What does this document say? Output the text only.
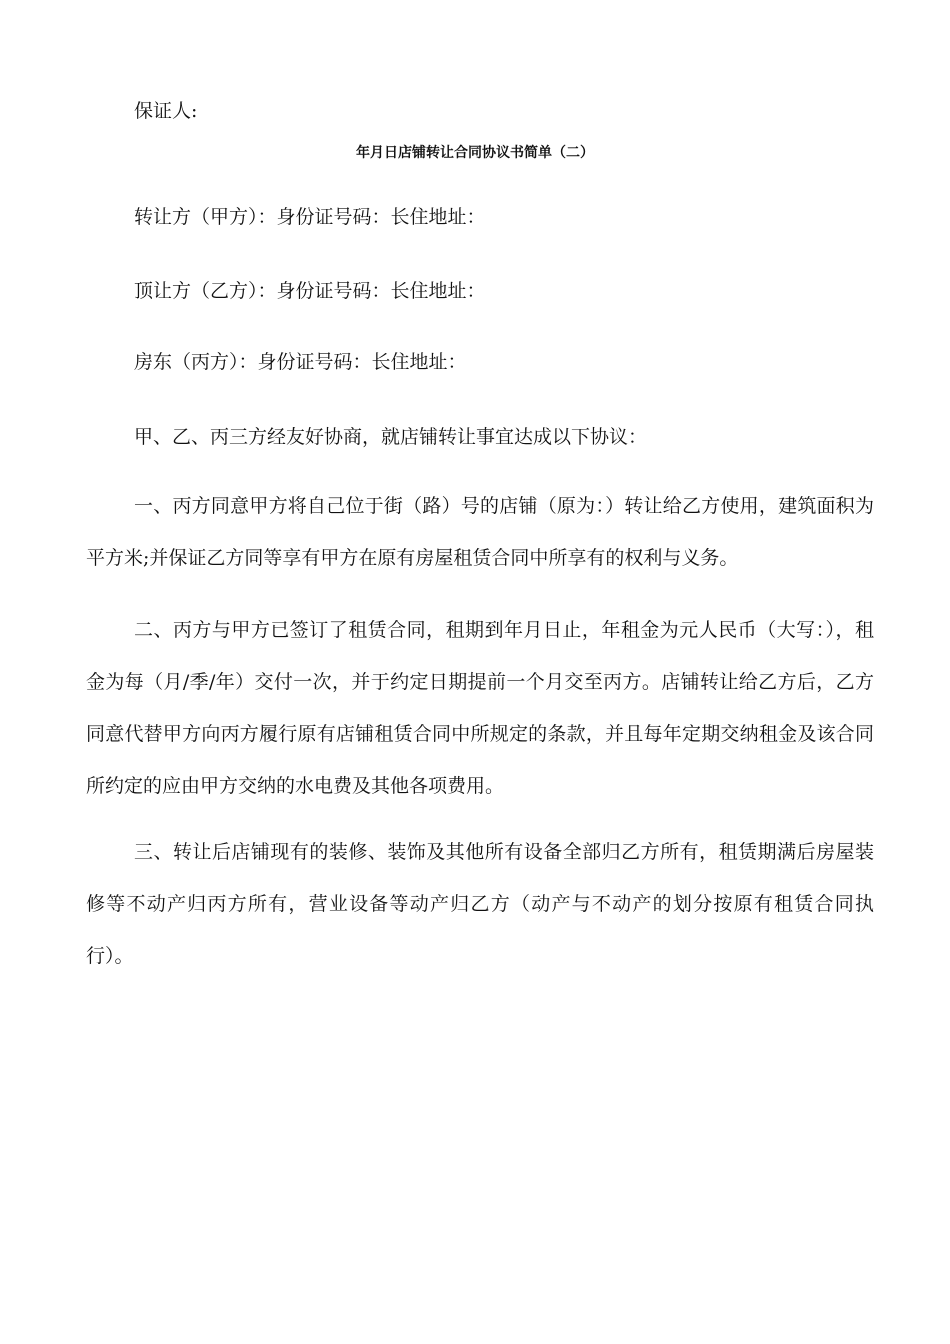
保证人:
年月日店铺转让合同协议书简单（二）
转让方（甲方）：身份证号码：长住地址：
顶让方（乙方）：身份证号码：长住地址：
房东（丙方）：身份证号码：长住地址：
甲、乙、丙三方经友好协商，就店铺转让事宜达成以下协议：
一、丙方同意甲方将自己位于街（路）号的店铺（原为：）转让给乙方使用，建筑面积为平方米;并保证乙方同等享有甲方在原有房屋租赁合同中所享有的权利与义务。
二、丙方与甲方已签订了租赁合同，租期到年月日止，年租金为元人民币（大写：），租金为每（月/季/年）交付一次，并于约定日期提前一个月交至丙方。店铺转让给乙方后，乙方同意代替甲方向丙方履行原有店铺租赁合同中所规定的条款，并且每年定期交纳租金及该合同所约定的应由甲方交纳的水电费及其他各项费用。
三、转让后店铺现有的装修、装饰及其他所有设备全部归乙方所有，租赁期满后房屋装修等不动产归丙方所有，营业设备等动产归乙方（动产与不动产的划分按原有租赁合同执行）。
